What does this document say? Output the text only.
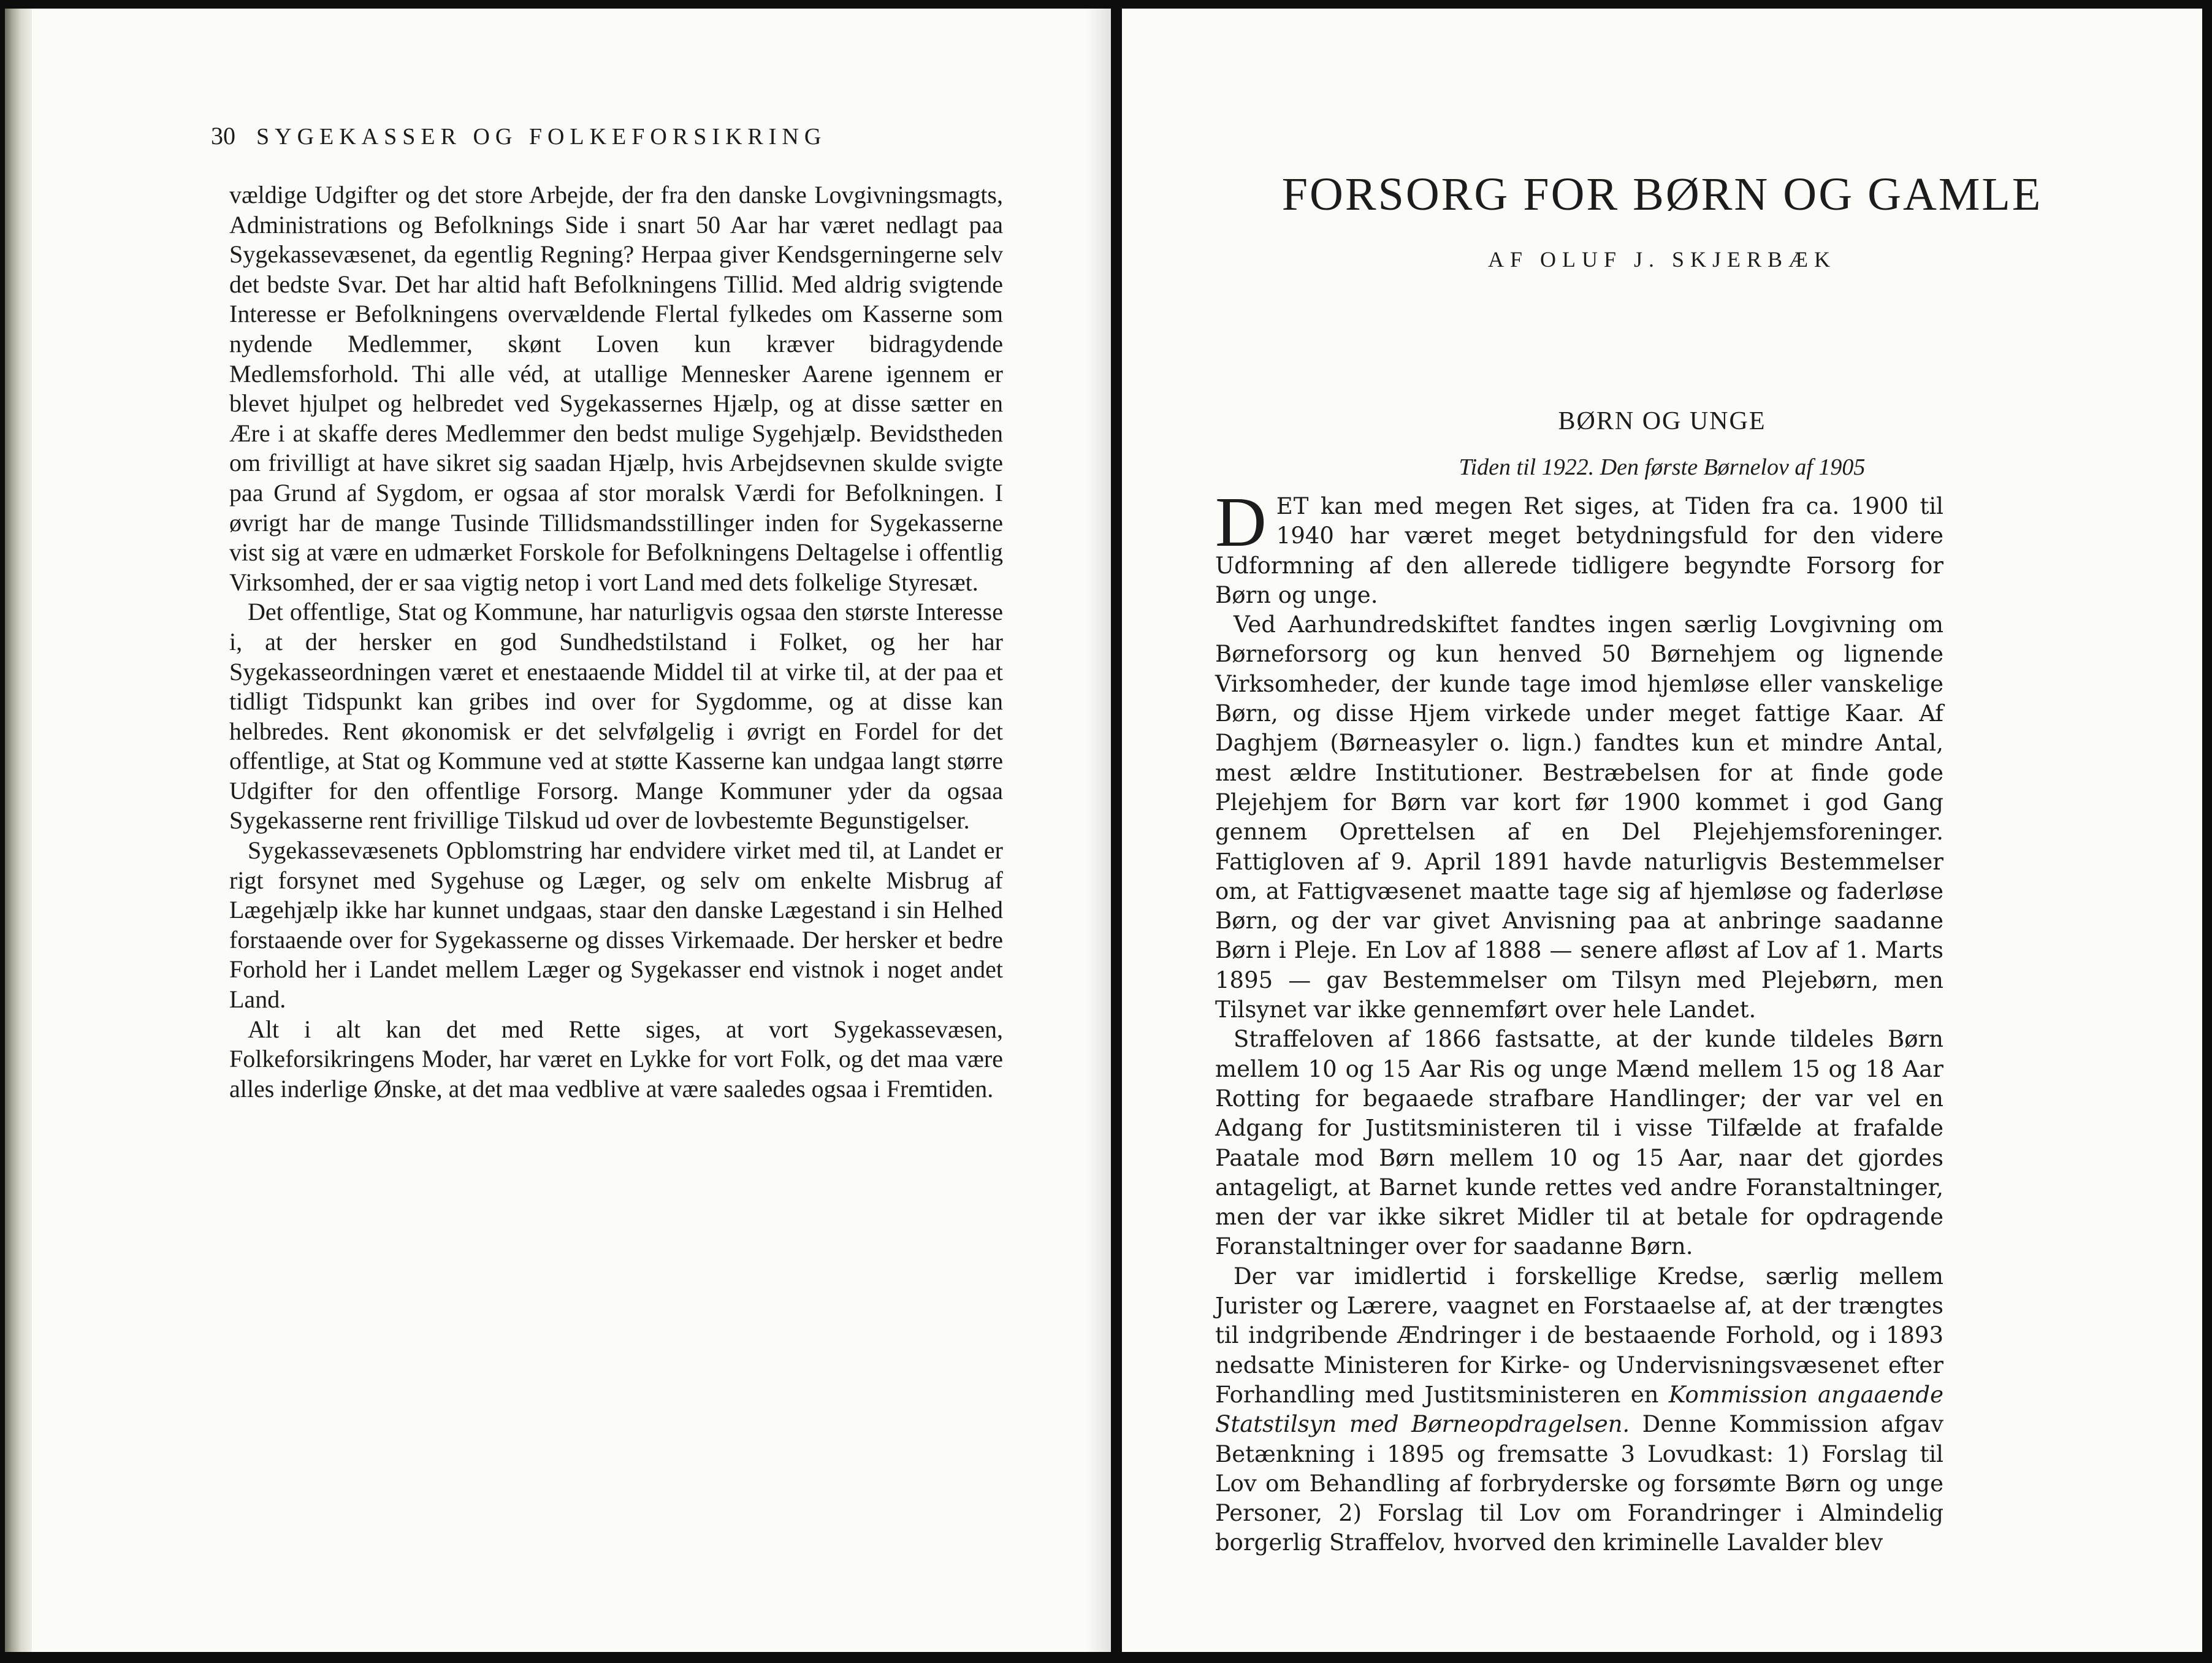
30 SYGEKASSER OG FOLKEFORSIKRING

vældige Udgifter og det store Arbejde, der fra den danske Lovgivningsmagts, Administrations og Befolknings Side i snart 50 Aar har været nedlagt paa Sygekassevæsenet, da egentlig Regning? Herpaa giver Kendsgerningerne selv det bedste Svar. Det har altid haft Befolkningens Tillid. Med aldrig svigtende Interesse er Befolkningens overvældende Flertal fylkedes om Kasserne som nydende Medlemmer, skønt Loven kun kræver bidragydende Medlemsforhold. Thi alle véd, at utallige Mennesker Aarene igennem er blevet hjulpet og helbredet ved Sygekassernes Hjælp, og at disse sætter en Ære i at skaffe deres Medlemmer den bedst mulige Sygehjælp. Bevidstheden om frivilligt at have sikret sig saadan Hjælp, hvis Arbejdsevnen skulde svigte paa Grund af Sygdom, er ogsaa af stor moralsk Værdi for Befolkningen. I øvrigt har de mange Tusinde Tillidsmandsstillinger inden for Sygekasserne vist sig at være en udmærket Forskole for Befolkningens Deltagelse i offentlig Virksomhed, der er saa vigtig netop i vort Land med dets folkelige Styresæt.

Det offentlige, Stat og Kommune, har naturligvis ogsaa den største Interesse i, at der hersker en god Sundhedstilstand i Folket, og her har Sygekasseordningen været et enestaaende Middel til at virke til, at der paa et tidligt Tidspunkt kan gribes ind over for Sygdomme, og at disse kan helbredes. Rent økonomisk er det selvfølgelig i øvrigt en Fordel for det offentlige, at Stat og Kommune ved at støtte Kasserne kan undgaa langt større Udgifter for den offentlige Forsorg. Mange Kommuner yder da ogsaa Sygekasserne rent frivillige Tilskud ud over de lovbestemte Begunstigelser.

Sygekassevæsenets Opblomstring har endvidere virket med til, at Landet er rigt forsynet med Sygehuse og Læger, og selv om enkelte Misbrug af Lægehjælp ikke har kunnet undgaas, staar den danske Lægestand i sin Helhed forstaaende over for Sygekasserne og disses Virkemaade. Der hersker et bedre Forhold her i Landet mellem Læger og Sygekasser end vistnok i noget andet Land.

Alt i alt kan det med Rette siges, at vort Sygekassevæsen, Folkeforsikringens Moder, har været en Lykke for vort Folk, og det maa være alles inderlige Ønske, at det maa vedblive at være saaledes ogsaa i Fremtiden.

FORSORG FOR BØRN OG GAMLE
AF OLUF J. SKJERBÆK
BØRN OG UNGE
Tiden til 1922. Den første Børnelov af 1905

DET kan med megen Ret siges, at Tiden fra ca. 1900 til 1940 har været meget betydningsfuld for den videre Udformning af den allerede tidligere begyndte Forsorg for Børn og unge.

Ved Aarhundredskiftet fandtes ingen særlig Lovgivning om Børneforsorg og kun henved 50 Børnehjem og lignende Virksomheder, der kunde tage imod hjemløse eller vanskelige Børn, og disse Hjem virkede under meget fattige Kaar. Af Daghjem (Børneasyler o. lign.) fandtes kun et mindre Antal, mest ældre Institutioner. Bestræbelsen for at finde gode Plejehjem for Børn var kort før 1900 kommet i god Gang gennem Oprettelsen af en Del Plejehjemsforeninger. Fattigloven af 9. April 1891 havde naturligvis Bestemmelser om, at Fattigvæsenet maatte tage sig af hjemløse og faderløse Børn, og der var givet Anvisning paa at anbringe saadanne Børn i Pleje. En Lov af 1888 — senere afløst af Lov af 1. Marts 1895 — gav Bestemmelser om Tilsyn med Plejebørn, men Tilsynet var ikke gennemført over hele Landet.

Straffeloven af 1866 fastsatte, at der kunde tildeles Børn mellem 10 og 15 Aar Ris og unge Mænd mellem 15 og 18 Aar Rotting for begaaede strafbare Handlinger; der var vel en Adgang for Justitsministeren til i visse Tilfælde at frafalde Paatale mod Børn mellem 10 og 15 Aar, naar det gjordes antageligt, at Barnet kunde rettes ved andre Foranstaltninger, men der var ikke sikret Midler til at betale for opdragende Foranstaltninger over for saadanne Børn.

Der var imidlertid i forskellige Kredse, særlig mellem Jurister og Lærere, vaagnet en Forstaaelse af, at der trængtes til indgribende Ændringer i de bestaaende Forhold, og i 1893 nedsatte Ministeren for Kirke- og Undervisningsvæsenet efter Forhandling med Justitsministeren en Kommission angaaende Statstilsyn med Børneopdragelsen. Denne Kommission afgav Betænkning i 1895 og fremsatte 3 Lovudkast: 1) Forslag til Lov om Behandling af forbryderske og forsømte Børn og unge Personer, 2) Forslag til Lov om Forandringer i Almindelig borgerlig Straffelov, hvorved den kriminelle Lavalder blev
